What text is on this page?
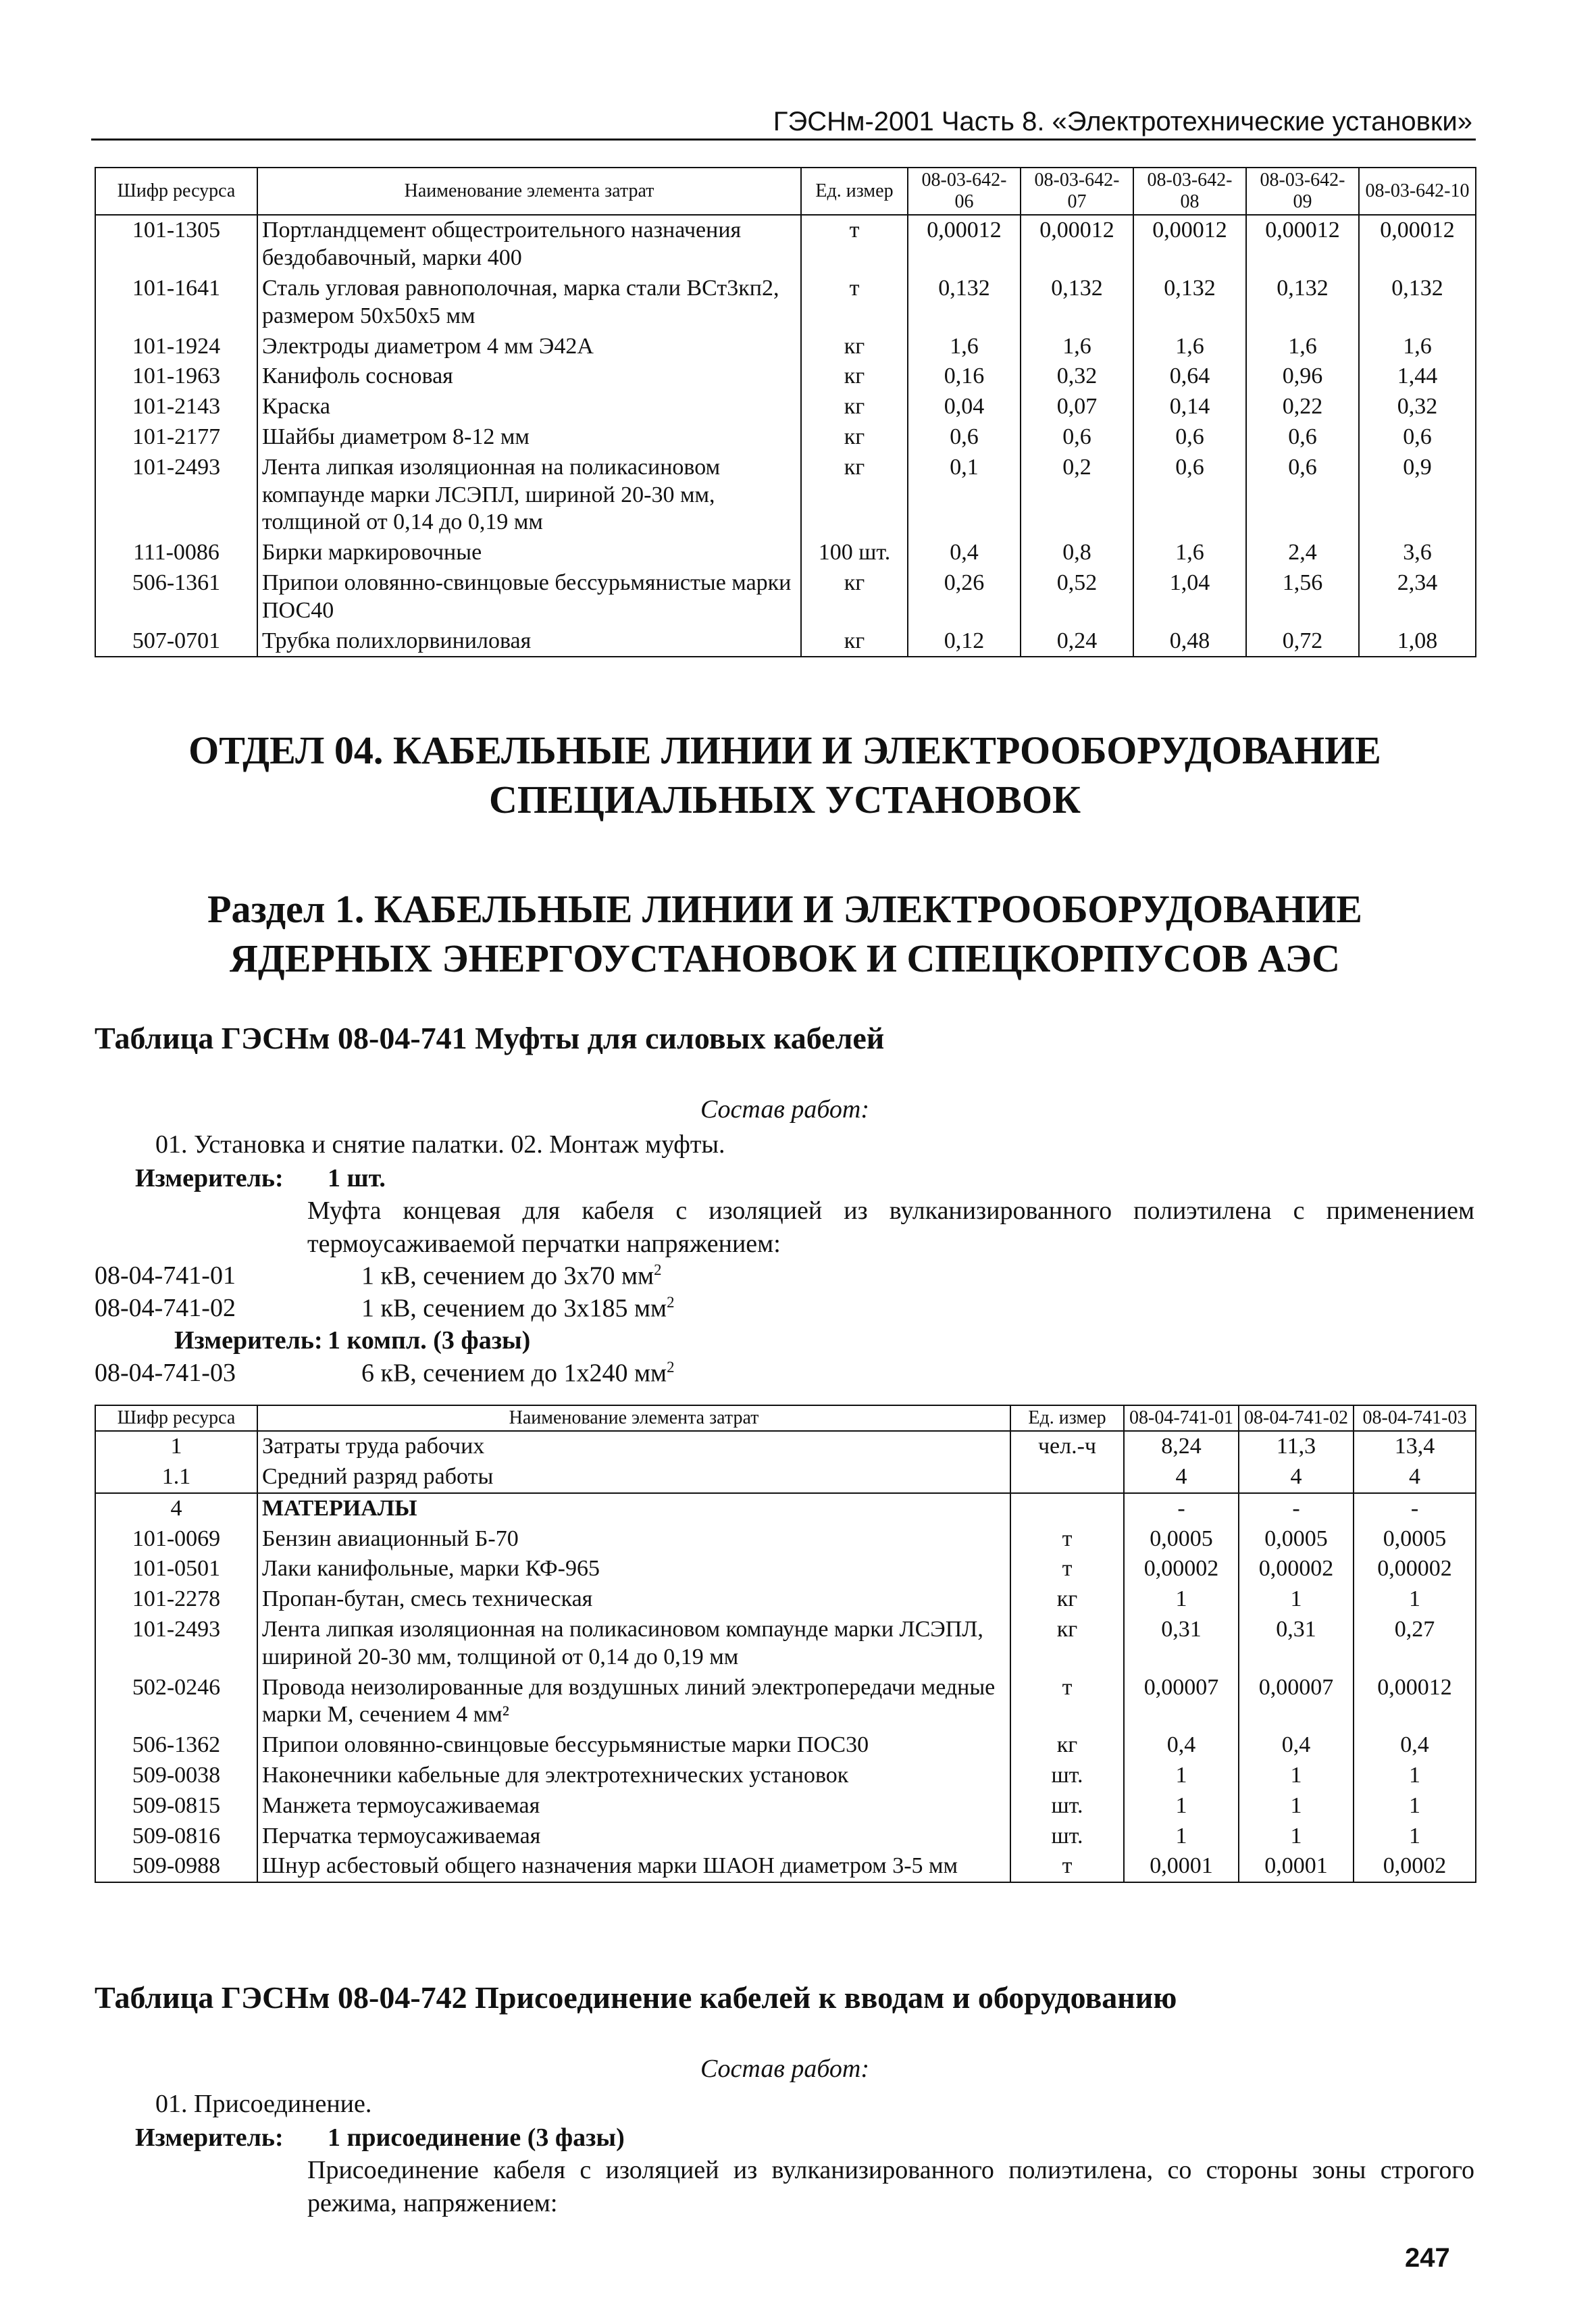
ГЭСНм-2001 Часть 8. «Электротехнические установки»
Шифр ресурса	Наименование элемента затрат	Ед. измер	08-03-642-06	08-03-642-07	08-03-642-08	08-03-642-09	08-03-642-10
101-1305	Портландцемент общестроительного назначения бездобавочный, марки 400	т	0,00012	0,00012	0,00012	0,00012	0,00012
101-1641	Сталь угловая равнополочная, марка стали ВСт3кп2, размером 50х50х5 мм	т	0,132	0,132	0,132	0,132	0,132
101-1924	Электроды диаметром 4 мм Э42А	кг	1,6	1,6	1,6	1,6	1,6
101-1963	Канифоль сосновая	кг	0,16	0,32	0,64	0,96	1,44
101-2143	Краска	кг	0,04	0,07	0,14	0,22	0,32
101-2177	Шайбы диаметром 8-12 мм	кг	0,6	0,6	0,6	0,6	0,6
101-2493	Лента липкая изоляционная на поликасиновом компаунде марки ЛСЭПЛ, шириной 20-30 мм, толщиной от 0,14 до 0,19 мм	кг	0,1	0,2	0,6	0,6	0,9
111-0086	Бирки маркировочные	100 шт.	0,4	0,8	1,6	2,4	3,6
506-1361	Припои оловянно-свинцовые бессурьмянистые марки ПОС40	кг	0,26	0,52	1,04	1,56	2,34
507-0701	Трубка полихлорвиниловая	кг	0,12	0,24	0,48	0,72	1,08
ОТДЕЛ 04. КАБЕЛЬНЫЕ ЛИНИИ И ЭЛЕКТРООБОРУДОВАНИЕ
СПЕЦИАЛЬНЫХ УСТАНОВОК
Раздел 1. КАБЕЛЬНЫЕ ЛИНИИ И ЭЛЕКТРООБОРУДОВАНИЕ
ЯДЕРНЫХ ЭНЕРГОУСТАНОВОК И СПЕЦКОРПУСОВ АЭС
Таблица ГЭСНм 08-04-741 Муфты для силовых кабелей
Состав работ:
01. Установка и снятие палатки. 02. Монтаж муфты.
Измеритель: 1 шт.
Муфта концевая для кабеля с изоляцией из вулканизированного полиэтилена с применением термоусаживаемой перчатки напряжением:
08-04-741-01	1 кВ, сечением до 3х70 $мм^2$
08-04-741-02	1 кВ, сечением до 3х185 $мм^2$
Измеритель: 1 компл. (3 фазы)
08-04-741-03	6 кВ, сечением до 1х240 $мм^2$
Шифр ресурса	Наименование элемента затрат	Ед. измер	08-04-741-01	08-04-741-02	08-04-741-03
1	Затраты труда рабочих	чел.-ч	8,24	11,3	13,4
1.1	Средний разряд работы		4	4	4
4	МАТЕРИАЛЫ		-	-	-
101-0069	Бензин авиационный Б-70	т	0,0005	0,0005	0,0005
101-0501	Лаки канифольные, марки КФ-965	т	0,00002	0,00002	0,00002
101-2278	Пропан-бутан, смесь техническая	кг	1	1	1
101-2493	Лента липкая изоляционная на поликасиновом компаунде марки ЛСЭПЛ, шириной 20-30 мм, толщиной от 0,14 до 0,19 мм	кг	0,31	0,31	0,27
502-0246	Провода неизолированные для воздушных линий электропередачи медные марки М, сечением 4 мм²	т	0,00007	0,00007	0,00012
506-1362	Припои оловянно-свинцовые бессурьмянистые марки ПОС30	кг	0,4	0,4	0,4
509-0038	Наконечники кабельные для электротехнических установок	шт.	1	1	1
509-0815	Манжета термоусаживаемая	шт.	1	1	1
509-0816	Перчатка термоусаживаемая	шт.	1	1	1
509-0988	Шнур асбестовый общего назначения марки ШАОН диаметром 3-5 мм	т	0,0001	0,0001	0,0002
Таблица ГЭСНм 08-04-742 Присоединение кабелей к вводам и оборудованию
Состав работ:
01. Присоединение.
Измеритель: 1 присоединение (3 фазы)
Присоединение кабеля с изоляцией из вулканизированного полиэтилена, со стороны зоны строгого режима, напряжением:
247
